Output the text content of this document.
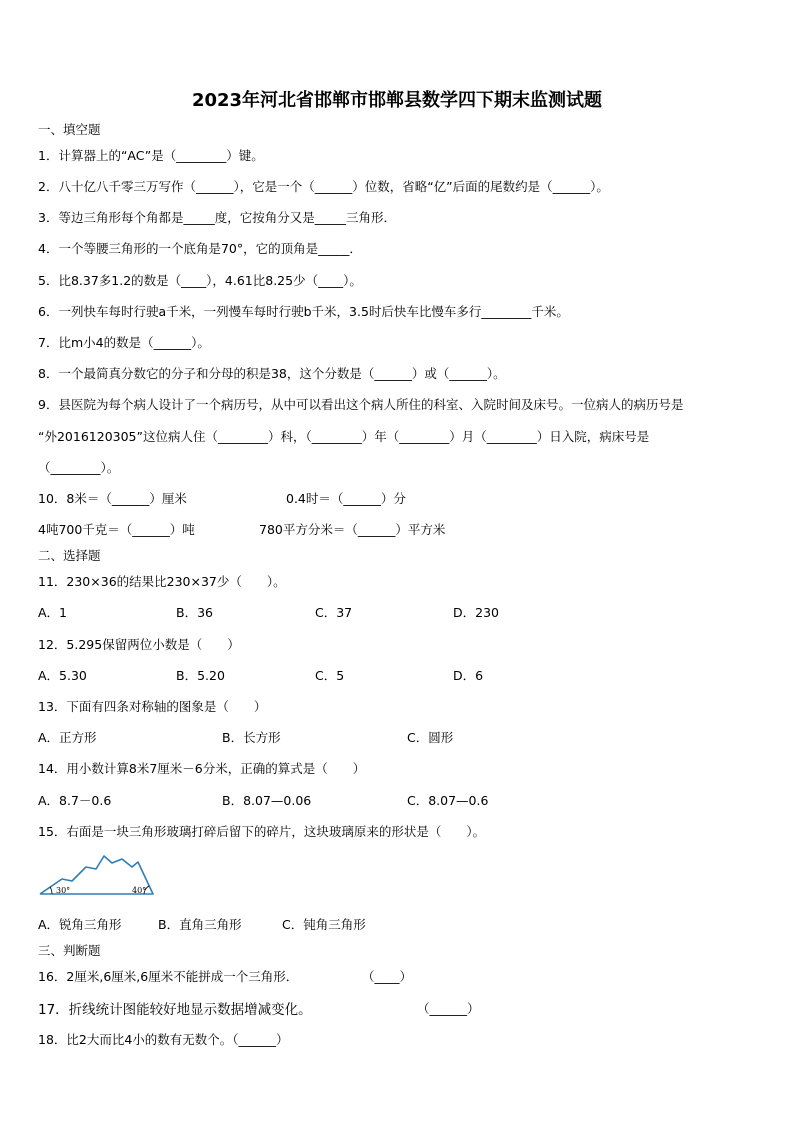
2023年河北省邯郸市邯郸县数学四下期末监测试题
一、填空题
1．计算器上的“AC”是（________）键。
2．八十亿八千零三万写作（______），它是一个（______）位数，省略“亿”后面的尾数约是（______）。
3．等边三角形每个角都是_____度，它按角分又是_____三角形．
4．一个等腰三角形的一个底角是70°，它的顶角是_____．
5．比8.37多1.2的数是（____），4.61比8.25少（____）。
6．一列快车每时行驶a千米，一列慢车每时行驶b千米，3.5时后快车比慢车多行________千米。
7．比m小4的数是（______）。
8．一个最简真分数它的分子和分母的积是38，这个分数是（______）或（______）。
9．县医院为每个病人设计了一个病历号，从中可以看出这个病人所住的科室、入院时间及床号。一位病人的病历号是
“外2016120305”这位病人住（________）科，（________）年（________）月（________）日入院，病床号是
（________）。
10．8米＝（______）厘米	0.4时＝（______）分
4吨700千克＝（______）吨	780平方分米＝（______）平方米
二、选择题
11．230×36的结果比230×37少（　　）。
A．1	B．36	C．37	D．230
12．5.295保留两位小数是（　　）
A．5.30	B．5.20	C．5	D．6
13．下面有四条对称轴的图象是（　　）
A．正方形	B．长方形	C．圆形
14．用小数计算8米7厘米－6分米，正确的算式是（　　）
A．8.7－0.6	B．8.07—0.06	C．8.07—0.6
15．右面是一块三角形玻璃打碎后留下的碎片，这块玻璃原来的形状是（　　）。
30°	40°
A．锐角三角形	B．直角三角形	C．钝角三角形
三、判断题
16．2厘米,6厘米,6厘米不能拼成一个三角形．	（____）
17．折线统计图能较好地显示数据增减变化。	（______）
18．比2大而比4小的数有无数个。（______）
